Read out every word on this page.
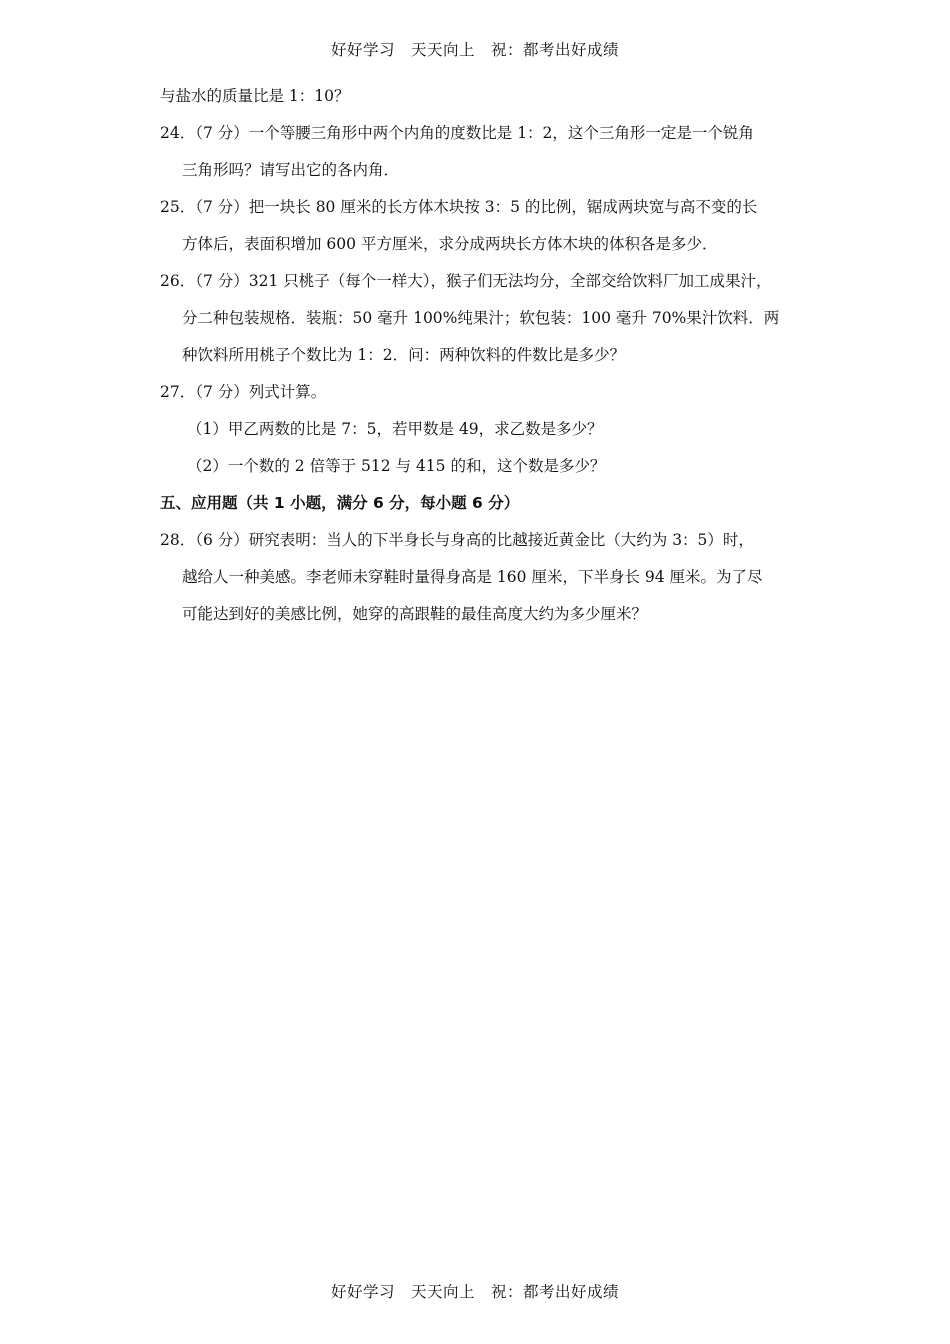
好好学习　天天向上　祝：都考出好成绩
与盐水的质量比是 1：10？
24．（7 分）一个等腰三角形中两个内角的度数比是 1：2，这个三角形一定是一个锐角
三角形吗？请写出它的各内角．
25．（7 分）把一块长 80 厘米的长方体木块按 3：5 的比例，锯成两块宽与高不变的长
方体后，表面积增加 600 平方厘米，求分成两块长方体木块的体积各是多少．
26．（7 分）321 只桃子（每个一样大），猴子们无法均分，全部交给饮料厂加工成果汁，
分二种包装规格．装瓶：50 毫升 100%纯果汁；软包装：100 毫升 70%果汁饮料．两
种饮料所用桃子个数比为 1：2．问：两种饮料的件数比是多少？
27．（7 分）列式计算。
（1）甲乙两数的比是 7：5，若甲数是 49，求乙数是多少？
（2）一个数的 2 倍等于 512 与 415 的和，这个数是多少？
五、应用题（共 1 小题，满分 6 分，每小题 6 分）
28．（6 分）研究表明：当人的下半身长与身高的比越接近黄金比（大约为 3：5）时，
越给人一种美感。李老师未穿鞋时量得身高是 160 厘米，下半身长 94 厘米。为了尽
可能达到好的美感比例，她穿的高跟鞋的最佳高度大约为多少厘米？
好好学习　天天向上　祝：都考出好成绩
